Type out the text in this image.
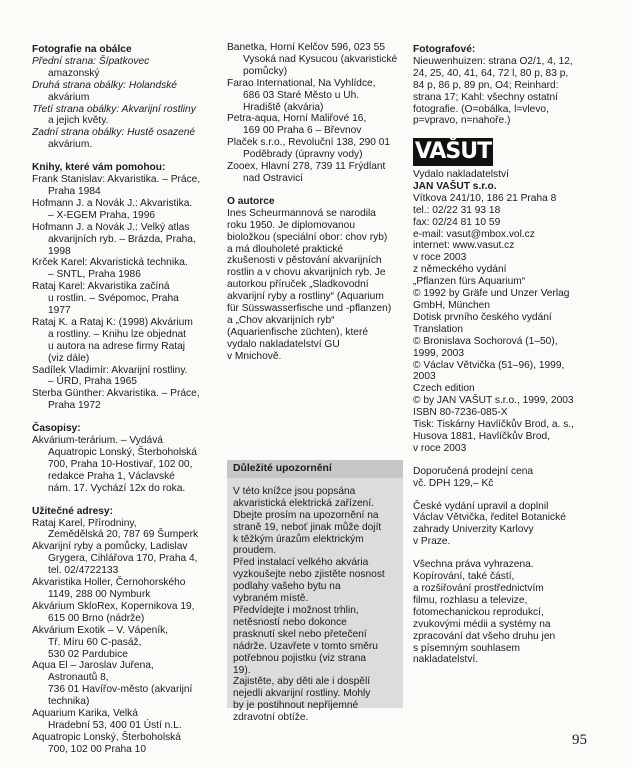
Fotografie na obálce
Přední strana: Šípatkovec
amazonský
Druhá strana obálky: Holandské
akvárium
Třetí strana obálky: Akvarijní rostliny
a jejich květy.
Zadní strana obálky: Hustě osazené
akvárium.
Knihy, které vám pomohou:
Frank Stanislav: Akvaristika. – Práce,
Praha 1984
Hofmann J. a Novák J.: Akvaristika.
– X-EGEM Praha, 1996
Hofmann J. a Novák J.: Velký atlas
akvarijních ryb. – Brázda, Praha,
1998
Krček Karel: Akvaristická technika.
– SNTL, Praha 1986
Rataj Karel: Akvaristika začíná
u rostlin. – Svépomoc, Praha
1977
Rataj K. a Rataj K: (1998) Akvárium
a rostliny. – Knihu lze objednat
u autora na adrese firmy Rataj
(viz dále)
Sadílek Vladimír: Akvarijní rostliny.
– ÚRD, Praha 1965
Sterba Günther: Akvaristika. – Práce,
Praha 1972
Časopisy:
Akvárium-terárium. – Vydává
Aquatropic Lonský, Šterboholská
700, Praha 10-Hostivař, 102 00,
redakce Praha 1, Václavské
nám. 17. Vychází 12x do roka.
Užitečné adresy:
Rataj Karel, Přírodniny,
Zemědělská 20, 787 69 Šumperk
Akvarijní ryby a pomůcky, Ladislav
Grygera, Cihlářova 170, Praha 4,
tel. 02/4722133
Akvaristika Holler, Černohorského
1149, 288 00 Nymburk
Akvárium SkloRex, Kopernikova 19,
615 00 Brno (nádrže)
Akvárium Exotik – V. Vápeník,
Tř. Míru 60 C-pasáž,
530 02 Pardubice
Aqua El – Jaroslav Juřena,
Astronautů 8,
736 01 Havířov-město (akvarijní
technika)
Aquarium Karika, Velká
Hradební 53, 400 01 Ústí n.L.
Aquatropic Lonský, Šterboholská
700, 102 00 Praha 10
Banetka, Horní Kelčov 596, 023 55
Vysoká nad Kysucou (akvaristické
pomůcky)
Farao International, Na Vyhlídce,
686 03 Staré Město u Uh.
Hradiště (akvária)
Petra-aqua, Horní Maliřové 16,
169 00 Praha 6 – Břevnov
Plaček s.r.o., Revoluční 138, 290 01
Poděbrady (úpravny vody)
Zooex, Hlavní 278, 739 11 Frýdlant
nad Ostravicí
O autorce
Ines Scheurmannová se narodila
roku 1950. Je diplomovanou
bioložkou (speciální obor: chov ryb)
a má dlouholeté praktické
zkušenosti v pěstování akvarijních
rostlin a v chovu akvarijních ryb. Je
autorkou příruček „Sladkovodní
akvarijní ryby a rostliny“ (Aquarium
für Süsswasserfische und -pflanzen)
a „Chov akvarijních ryb“
(Aquarienfische züchten), které
vydalo nakladatelství GU
v Mnichově.
Důležité upozornění
V této knížce jsou popsána
akvaristická elektrická zařízení.
Dbejte prosím na upozornění na
straně 19, neboť jinak může dojít
k těžkým úrazům elektrickým
proudem.
Před instalací velkého akvária
vyzkoušejte nebo zjistěte nosnost
podlahy vašeho bytu na
vybraném místě.
Předvídejte i možnost trhlin,
netěsností nebo dokonce
prasknutí skel nebo přetečení
nádrže. Uzavřete v tomto směru
potřebnou pojistku (viz strana
19).
Zajistěte, aby děti ale i dospělí
nejedli akvarijní rostliny. Mohly
by je postihnout nepříjemné
zdravotní obtíže.
Fotografové:
Nieuwenhuizen: strana O2/1, 4, 12,
24, 25, 40, 41, 64, 72 l, 80 p, 83 p,
84 p, 86 p, 89 pn, O4; Reinhard:
strana 17; Kahl: všechny ostatní
fotografie. (O=obálka, l=vlevo,
p=vpravo, n=nahoře.)
VAŠUT
Vydalo nakladatelství
JAN VAŠUT s.r.o.
Vítkova 241/10, 186 21 Praha 8
tel.: 02/22 31 93 18
fax: 02/24 81 10 59
e-mail: vasut@mbox.vol.cz
internet: www.vasut.cz
v roce 2003
z německého vydání
„Pflanzen fürs Aquarium“
© 1992 by Gräfe und Unzer Verlag
GmbH, München
Dotisk prvního českého vydání
Translation
© Bronislava Sochorová (1–50),
1999, 2003
© Václav Větvička (51–96), 1999,
2003
Czech edition
© by JAN VAŠUT s.r.o., 1999, 2003
ISBN 80-7236-085-X
Tisk: Tiskárny Havlíčkův Brod, a. s.,
Husova 1881, Havlíčkův Brod,
v roce 2003
Doporučená prodejní cena
vč. DPH 129,– Kč
České vydání upravil a doplnil
Václav Větvička, ředitel Botanické
zahrady Univerzity Karlovy
v Praze.
Všechna práva vyhrazena.
Kopírování, také částí,
a rozšiřování prostřednictvím
filmu, rozhlasu a televize,
fotomechanickou reprodukcí,
zvukovými médii a systémy na
zpracování dat všeho druhu jen
s písemným souhlasem
nakladatelství.
95
